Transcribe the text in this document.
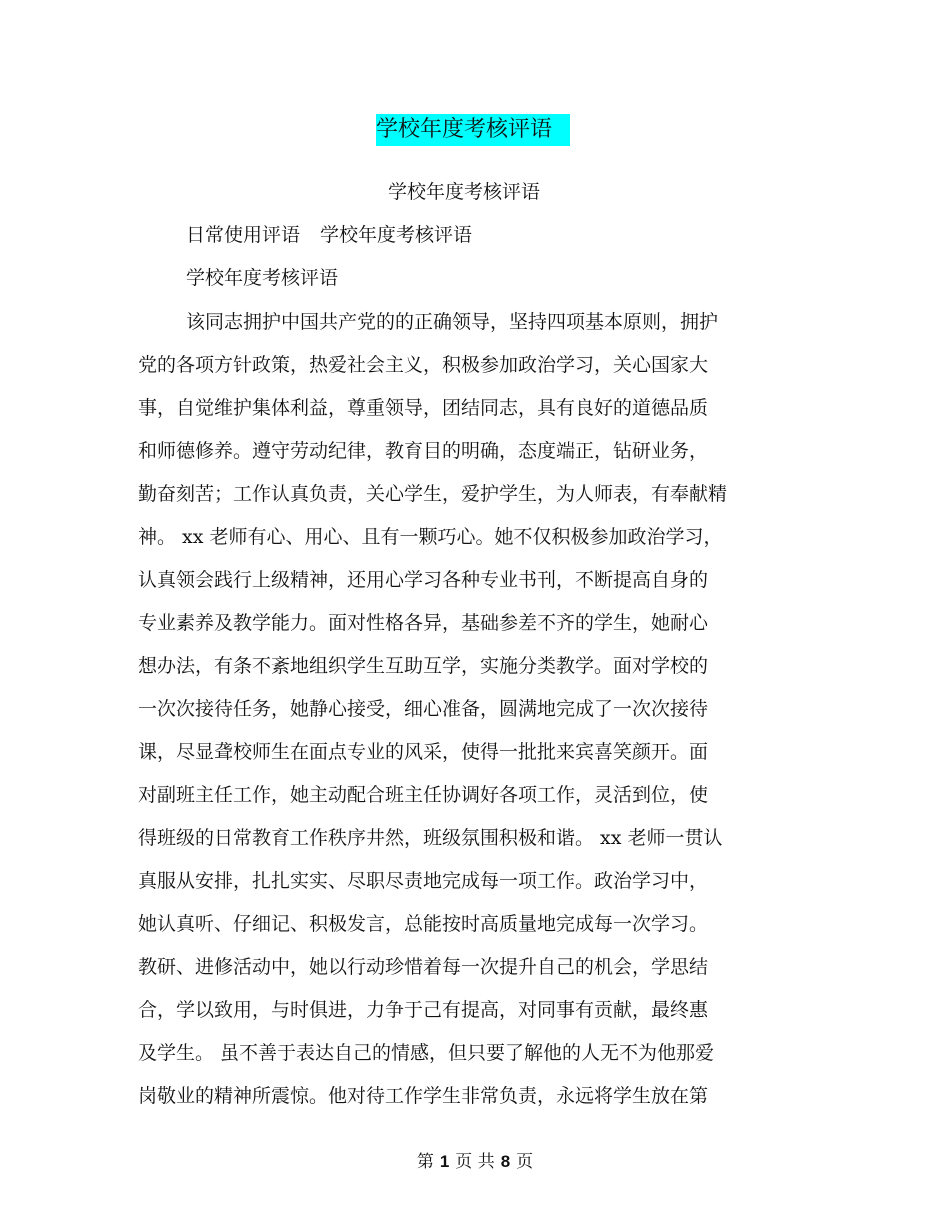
学校年度考核评语
学校年度考核评语
日常使用评语 学校年度考核评语
学校年度考核评语
该同志拥护中国共产党的的正确领导，坚持四项基本原则，拥护
党的各项方针政策，热爱社会主义，积极参加政治学习，关心国家大
事，自觉维护集体利益，尊重领导，团结同志，具有良好的道德品质
和师德修养。遵守劳动纪律，教育目的明确，态度端正，钻研业务，
勤奋刻苦；工作认真负责，关心学生，爱护学生，为人师表，有奉献精
神。 xx 老师有心、用心、且有一颗巧心。她不仅积极参加政治学习，
认真领会践行上级精神，还用心学习各种专业书刊，不断提高自身的
专业素养及教学能力。面对性格各异，基础参差不齐的学生，她耐心
想办法，有条不紊地组织学生互助互学，实施分类教学。面对学校的
一次次接待任务，她静心接受，细心准备，圆满地完成了一次次接待
课，尽显聋校师生在面点专业的风采，使得一批批来宾喜笑颜开。面
对副班主任工作，她主动配合班主任协调好各项工作，灵活到位，使
得班级的日常教育工作秩序井然，班级氛围积极和谐。 xx 老师一贯认
真服从安排，扎扎实实、尽职尽责地完成每一项工作。政治学习中，
她认真听、仔细记、积极发言，总能按时高质量地完成每一次学习。
教研、进修活动中，她以行动珍惜着每一次提升自己的机会，学思结
合，学以致用，与时俱进，力争于己有提高，对同事有贡献，最终惠
及学生。 虽不善于表达自己的情感，但只要了解他的人无不为他那爱
岗敬业的精神所震惊。他对待工作学生非常负责，永远将学生放在第
第 1 页 共 8 页
